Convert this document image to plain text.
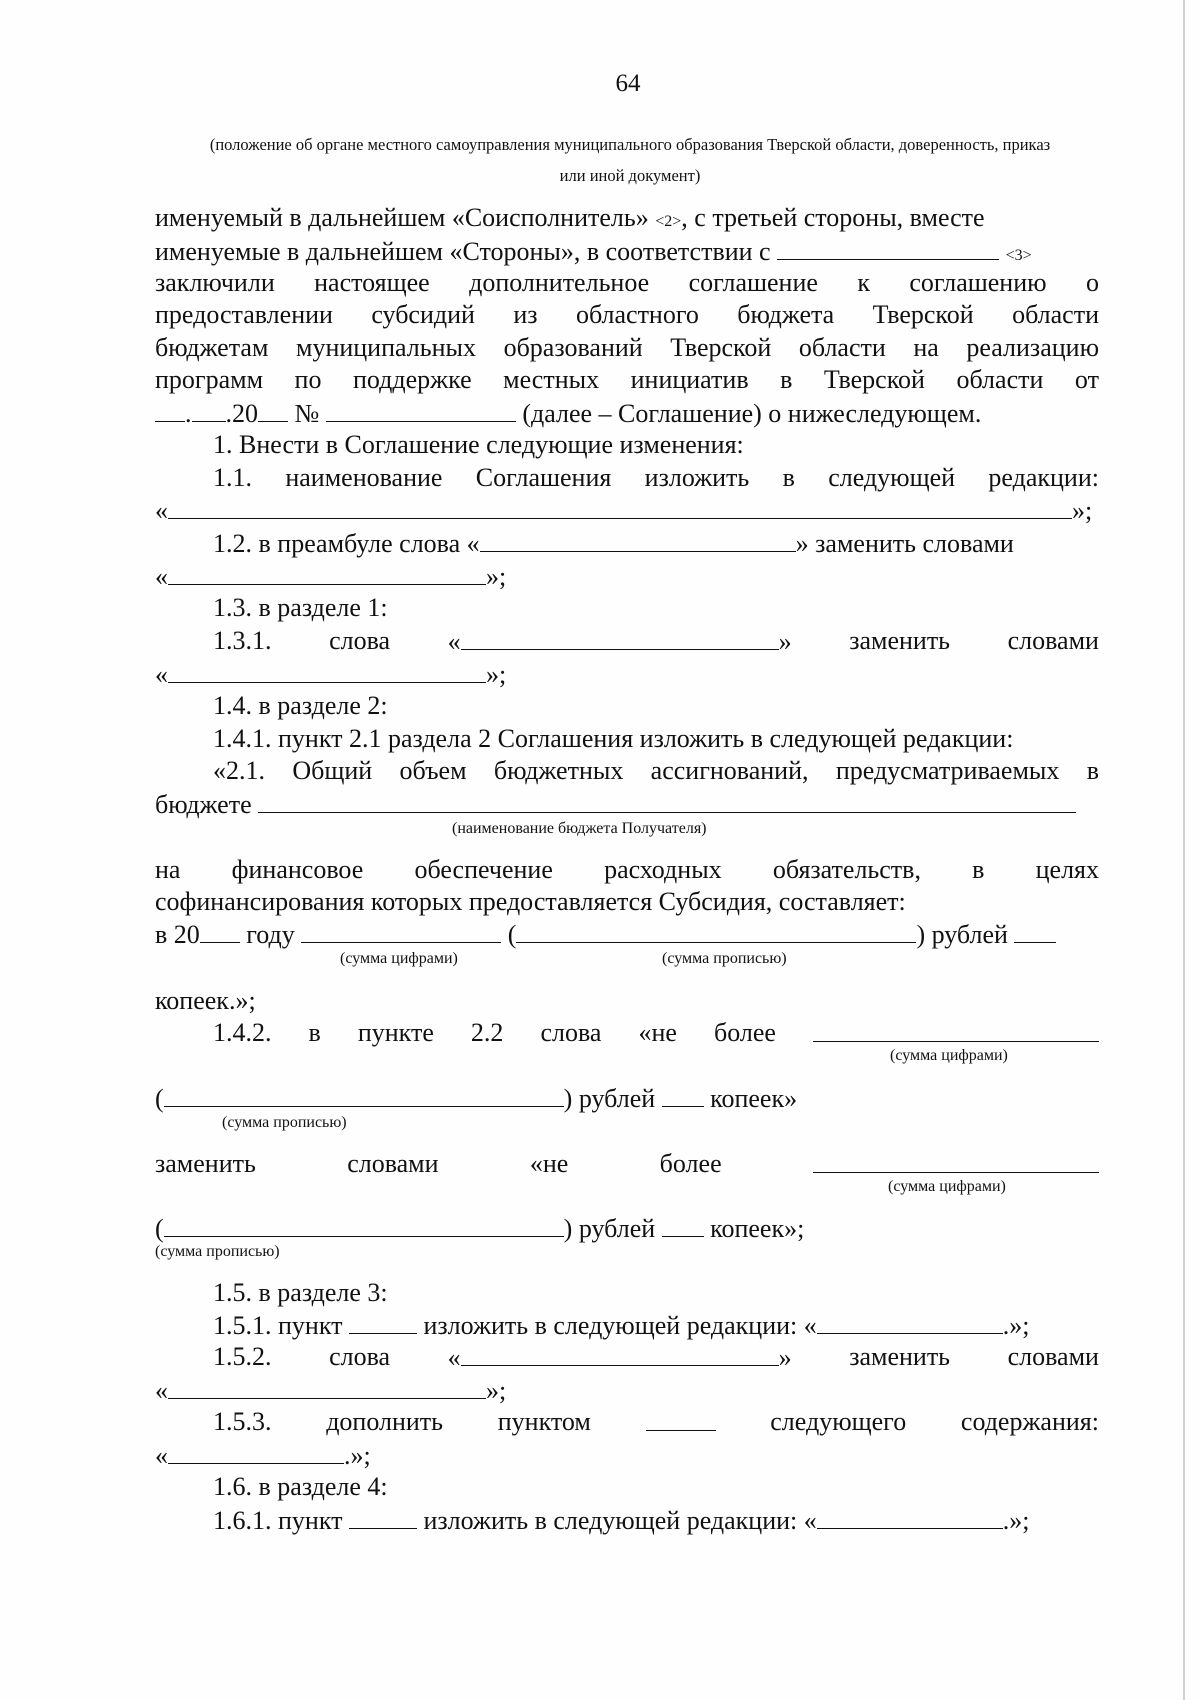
64
(положение об органе местного самоуправления муниципального образования Тверской области, доверенность, приказ
или иной документ)
именуемый в дальнейшем «Соисполнитель» <2>, с третьей стороны, вместе
именуемые в дальнейшем «Стороны», в соответствии с	<3>
заключили настоящее дополнительное соглашение к соглашению о
предоставлении субсидий из областного бюджета Тверской области
бюджетам муниципальных образований Тверской области на реализацию
программ по поддержке местных инициатив в Тверской области от
. .20 №	(далее – Соглашение) о нижеследующем.
1. Внести в Соглашение следующие изменения:
1.1. наименование Соглашения изложить в следующей редакции:
«	»;
1.2. в преамбуле слова «	» заменить словами
«	»;
1.3. в разделе 1:
1.3.1. слова «	» заменить словами
«	»;
1.4. в разделе 2:
1.4.1. пункт 2.1 раздела 2 Соглашения изложить в следующей редакции:
«2.1. Общий объем бюджетных ассигнований, предусматриваемых в
бюджете
(наименование бюджета Получателя)
на финансовое обеспечение расходных обязательств, в целях
софинансирования которых предоставляется Субсидия, составляет:
в 20 году	(	) рублей
(сумма цифрами)	(сумма прописью)
копеек.»;
1.4.2. в пункте 2.2 слова «не более
(сумма цифрами)
(	) рублей копеек»
(сумма прописью)
заменить	словами	«не	более
(сумма цифрами)
(	) рублей копеек»;
(сумма прописью)
1.5. в разделе 3:
1.5.1. пункт	изложить в следующей редакции: «	.»;
1.5.2. слова «	» заменить словами
«	»;
1.5.3. дополнить пунктом	следующего содержания:
«	.»;
1.6. в разделе 4:
1.6.1. пункт	изложить в следующей редакции: «	.»;
